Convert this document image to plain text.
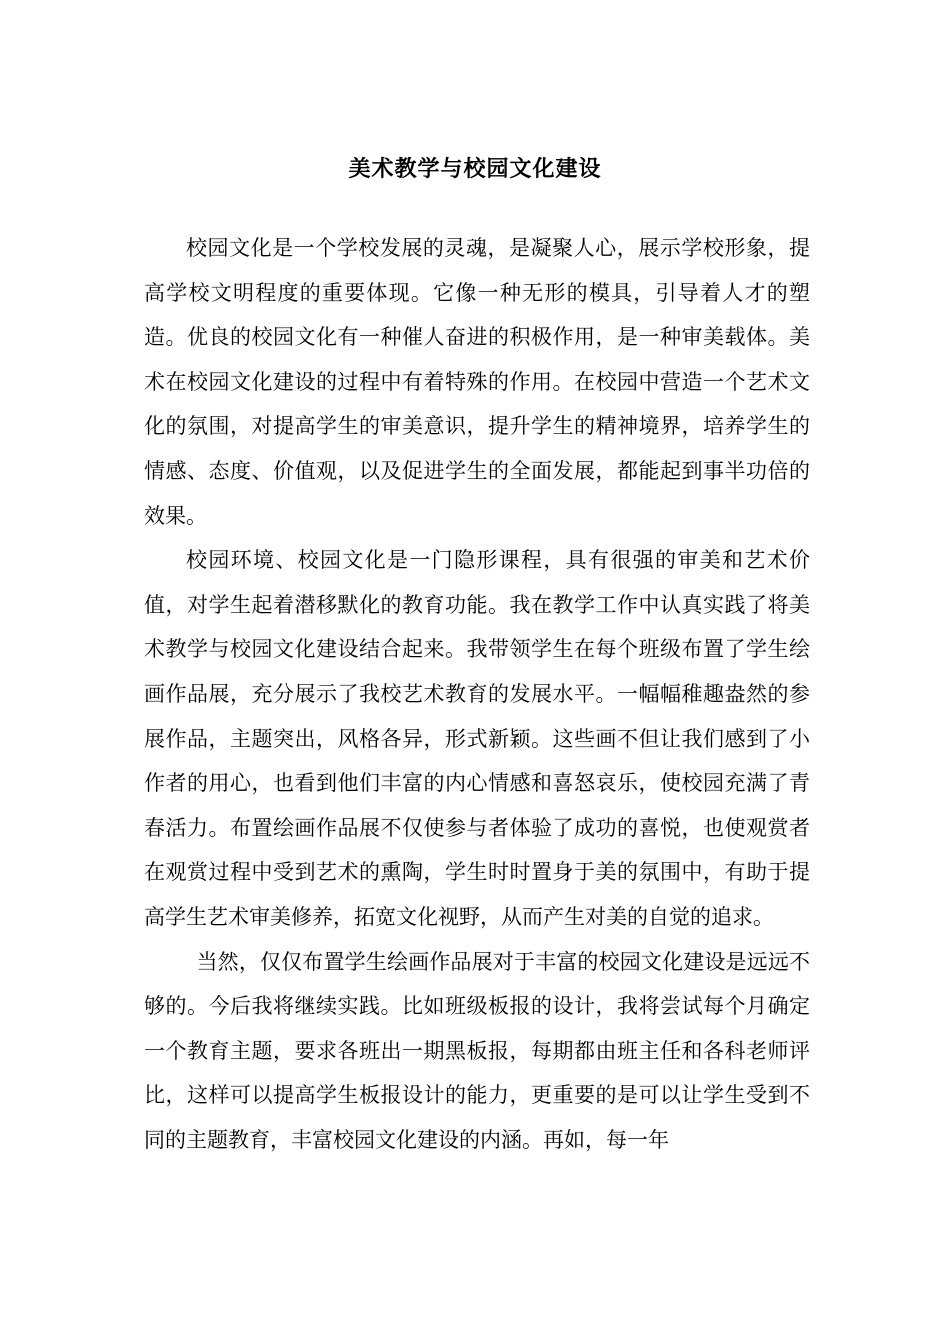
美术教学与校园文化建设

校园文化是一个学校发展的灵魂，是凝聚人心，展示学校形象，提高学校文明程度的重要体现。它像一种无形的模具，引导着人才的塑造。优良的校园文化有一种催人奋进的积极作用，是一种审美载体。美术在校园文化建设的过程中有着特殊的作用。在校园中营造一个艺术文化的氛围，对提高学生的审美意识，提升学生的精神境界，培养学生的情感、态度、价值观，以及促进学生的全面发展，都能起到事半功倍的效果。

校园环境、校园文化是一门隐形课程，具有很强的审美和艺术价值，对学生起着潜移默化的教育功能。我在教学工作中认真实践了将美术教学与校园文化建设结合起来。我带领学生在每个班级布置了学生绘画作品展，充分展示了我校艺术教育的发展水平。一幅幅稚趣盎然的参展作品，主题突出，风格各异，形式新颖。这些画不但让我们感到了小作者的用心，也看到他们丰富的内心情感和喜怒哀乐，使校园充满了青春活力。布置绘画作品展不仅使参与者体验了成功的喜悦，也使观赏者在观赏过程中受到艺术的熏陶，学生时时置身于美的氛围中，有助于提高学生艺术审美修养，拓宽文化视野，从而产生对美的自觉的追求。

当然，仅仅布置学生绘画作品展对于丰富的校园文化建设是远远不够的。今后我将继续实践。比如班级板报的设计，我将尝试每个月确定一个教育主题，要求各班出一期黑板报，每期都由班主任和各科老师评比，这样可以提高学生板报设计的能力，更重要的是可以让学生受到不同的主题教育，丰富校园文化建设的内涵。再如，每一年
